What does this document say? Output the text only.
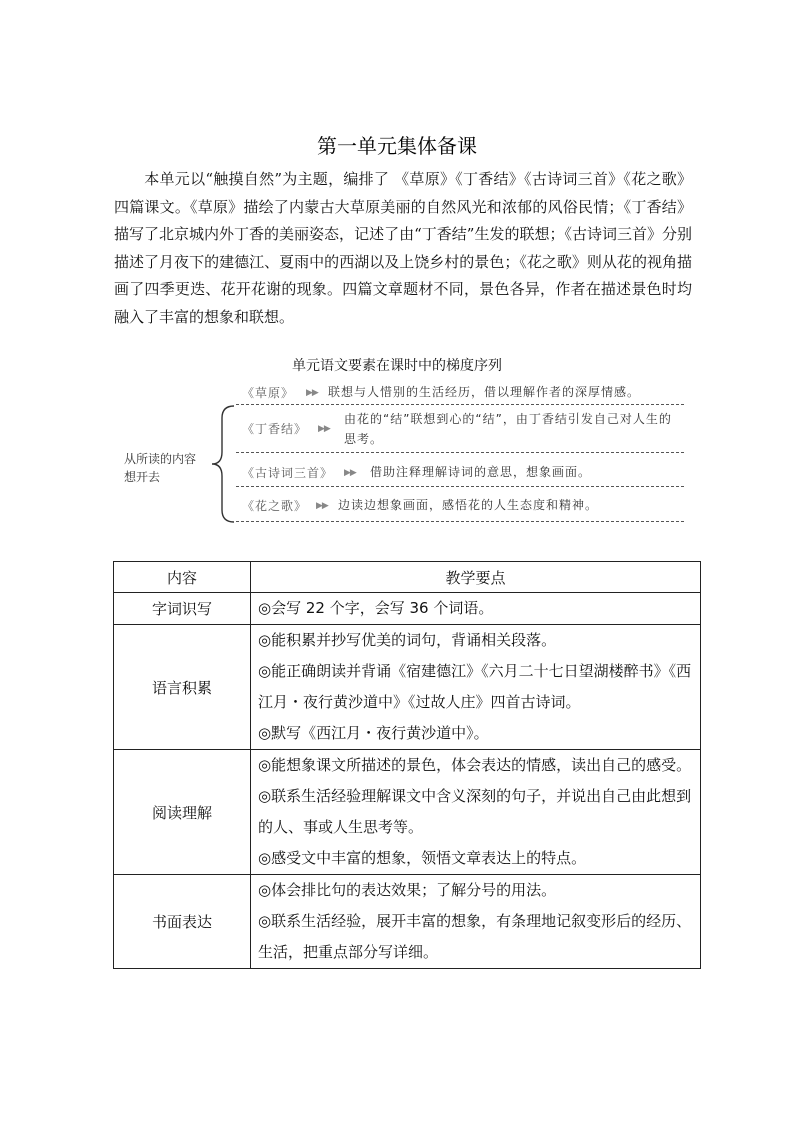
第一单元集体备课
本单元以“触摸自然”为主题，编排了 《草原》《丁香结》《古诗词三首》《花之歌》四篇课文。《草原》描绘了内蒙古大草原美丽的自然风光和浓郁的风俗民情；《丁香结》描写了北京城内外丁香的美丽姿态，记述了由“丁香结”生发的联想；《古诗词三首》分别描述了月夜下的建德江、夏雨中的西湖以及上饶乡村的景色；《花之歌》则从花的视角描画了四季更迭、花开花谢的现象。四篇文章题材不同，景色各异，作者在描述景色时均融入了丰富的想象和联想。
单元语文要素在课时中的梯度序列
从所读的内容想开去
《草原》 ▶▶ 联想与人惜别的生活经历，借以理解作者的深厚情感。
《丁香结》 ▶▶
由花的“结”联想到心的“结”，由丁香结引发自己对人生的思考。
《古诗词三首》 ▶▶ 借助注释理解诗词的意思，想象画面。
《花之歌》 ▶▶ 边读边想象画面，感悟花的人生态度和精神。
内容	教学要点
字词识写	◎会写 22 个字，会写 36 个词语。

语言积累	◎能积累并抄写优美的词句，背诵相关段落。
◎能正确朗读并背诵《宿建德江》《六月二十七日望湖楼醉书》《西江月・夜行黄沙道中》《过故人庄》四首古诗词。
◎默写《西江月・夜行黄沙道中》。

阅读理解	◎能想象课文所描述的景色，体会表达的情感，读出自己的感受。
◎联系生活经验理解课文中含义深刻的句子，并说出自己由此想到的人、事或人生思考等。
◎感受文中丰富的想象，领悟文章表达上的特点。

书面表达	◎体会排比句的表达效果；了解分号的用法。
◎联系生活经验，展开丰富的想象，有条理地记叙变形后的经历、生活，把重点部分写详细。
